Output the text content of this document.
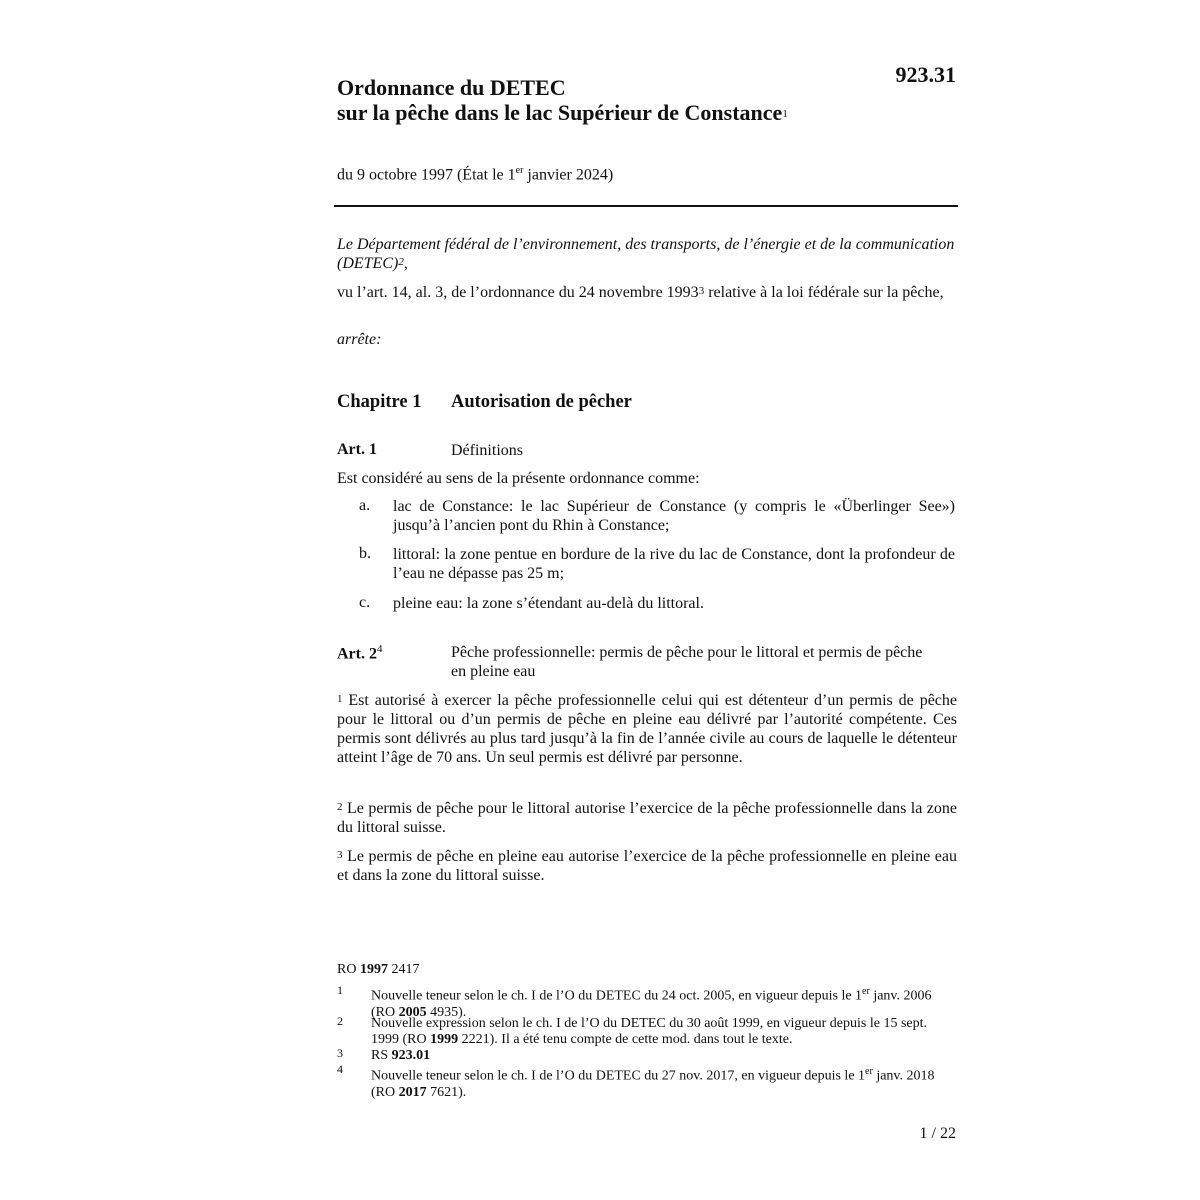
923.31
Ordonnance du DETEC
sur la pêche dans le lac Supérieur de Constance$^1$
du 9 octobre 1997 (État le 1er janvier 2024)
Le Département fédéral de l’environnement, des transports, de l’énergie et de la communication (DETEC)$^2$,
vu l’art. 14, al. 3, de l’ordonnance du 24 novembre 1993$^3$ relative à la loi fédérale sur la pêche,
arrête:
Chapitre 1 Autorisation de pêcher
Art. 1	Définitions
Est considéré au sens de la présente ordonnance comme:
a. lac de Constance: le lac Supérieur de Constance (y compris le «Überlinger See») jusqu’à l’ancien pont du Rhin à Constance;
b. littoral: la zone pentue en bordure de la rive du lac de Constance, dont la profondeur de l’eau ne dépasse pas 25 m;
c. pleine eau: la zone s’étendant au-delà du littoral.
Art. $2^4$	Pêche professionnelle: permis de pêche pour le littoral et permis de pêche en pleine eau
$^1$ Est autorisé à exercer la pêche professionnelle celui qui est détenteur d’un permis de pêche pour le littoral ou d’un permis de pêche en pleine eau délivré par l’autorité compétente. Ces permis sont délivrés au plus tard jusqu’à la fin de l’année civile au cours de laquelle le détenteur atteint l’âge de 70 ans. Un seul permis est délivré par personne.
$^2$ Le permis de pêche pour le littoral autorise l’exercice de la pêche professionnelle dans la zone du littoral suisse.
$^3$ Le permis de pêche en pleine eau autorise l’exercice de la pêche professionnelle en pleine eau et dans la zone du littoral suisse.
RO 1997 2417
1 Nouvelle teneur selon le ch. I de l’O du DETEC du 24 oct. 2005, en vigueur depuis le 1er janv. 2006 (RO 2005 4935).
2 Nouvelle expression selon le ch. I de l’O du DETEC du 30 août 1999, en vigueur depuis le 15 sept. 1999 (RO 1999 2221). Il a été tenu compte de cette mod. dans tout le texte.
3 RS 923.01
4 Nouvelle teneur selon le ch. I de l’O du DETEC du 27 nov. 2017, en vigueur depuis le 1er janv. 2018 (RO 2017 7621).
1 / 22
